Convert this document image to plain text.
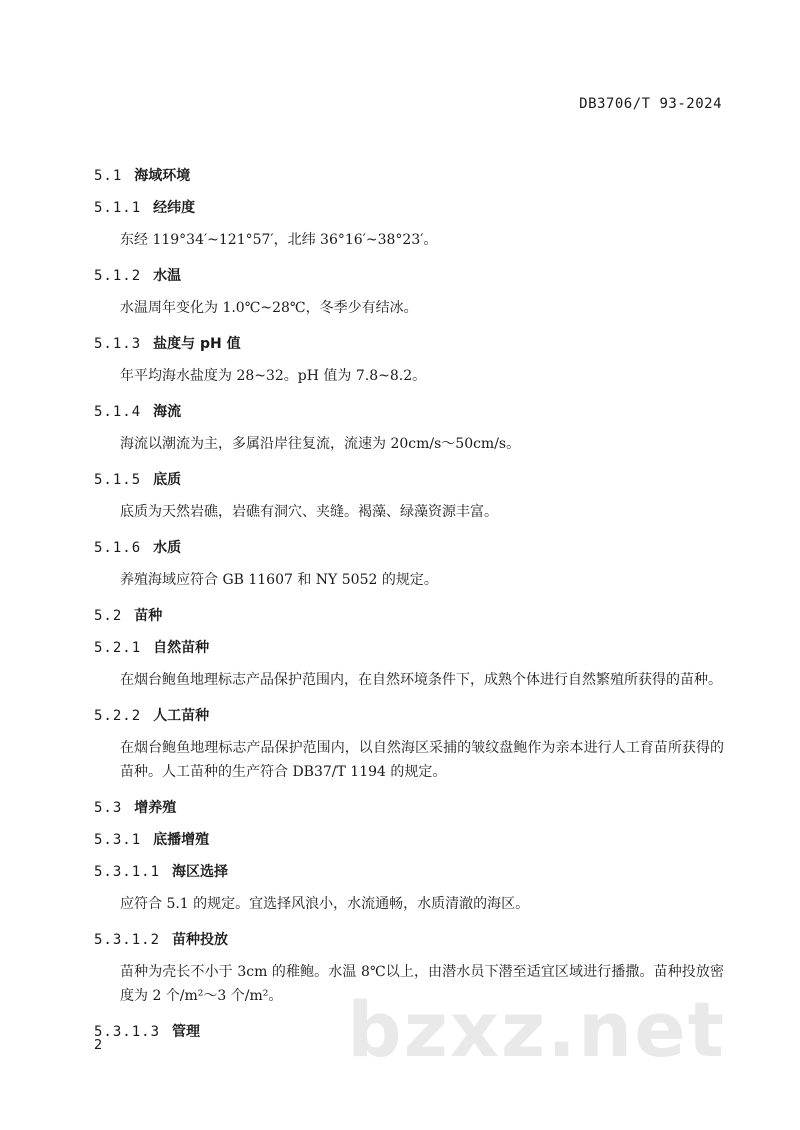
DB3706/T 93-2024
5.1 海域环境
5.1.1 经纬度

东经 119°34′~121°57′，北纬 36°16′~38°23′。

5.1.2 水温

水温周年变化为 1.0℃~28℃，冬季少有结冰。

5.1.3 盐度与 pH 值

年平均海水盐度为 28~32。pH 值为 7.8~8.2。

5.1.4 海流

海流以潮流为主，多属沿岸往复流，流速为 20cm/s～50cm/s。

5.1.5 底质

底质为天然岩礁，岩礁有洞穴、夹缝。褐藻、绿藻资源丰富。

5.1.6 水质

养殖海域应符合 GB 11607 和 NY 5052 的规定。

5.2 苗种
5.2.1 自然苗种

在烟台鲍鱼地理标志产品保护范围内，在自然环境条件下，成熟个体进行自然繁殖所获得的苗种。

5.2.2 人工苗种

在烟台鲍鱼地理标志产品保护范围内，以自然海区采捕的皱纹盘鲍作为亲本进行人工育苗所获得的苗种。人工苗种的生产符合 DB37/T 1194 的规定。

5.3 增养殖
5.3.1 底播增殖
5.3.1.1 海区选择

应符合 5.1 的规定。宜选择风浪小，水流通畅，水质清澈的海区。

5.3.1.2 苗种投放

苗种为壳长不小于 3cm 的稚鲍。水温 8℃以上，由潜水员下潜至适宜区域进行播撒。苗种投放密度为 2 个/m²～3 个/m²。

5.3.1.3 管理
2	bzxz.net
